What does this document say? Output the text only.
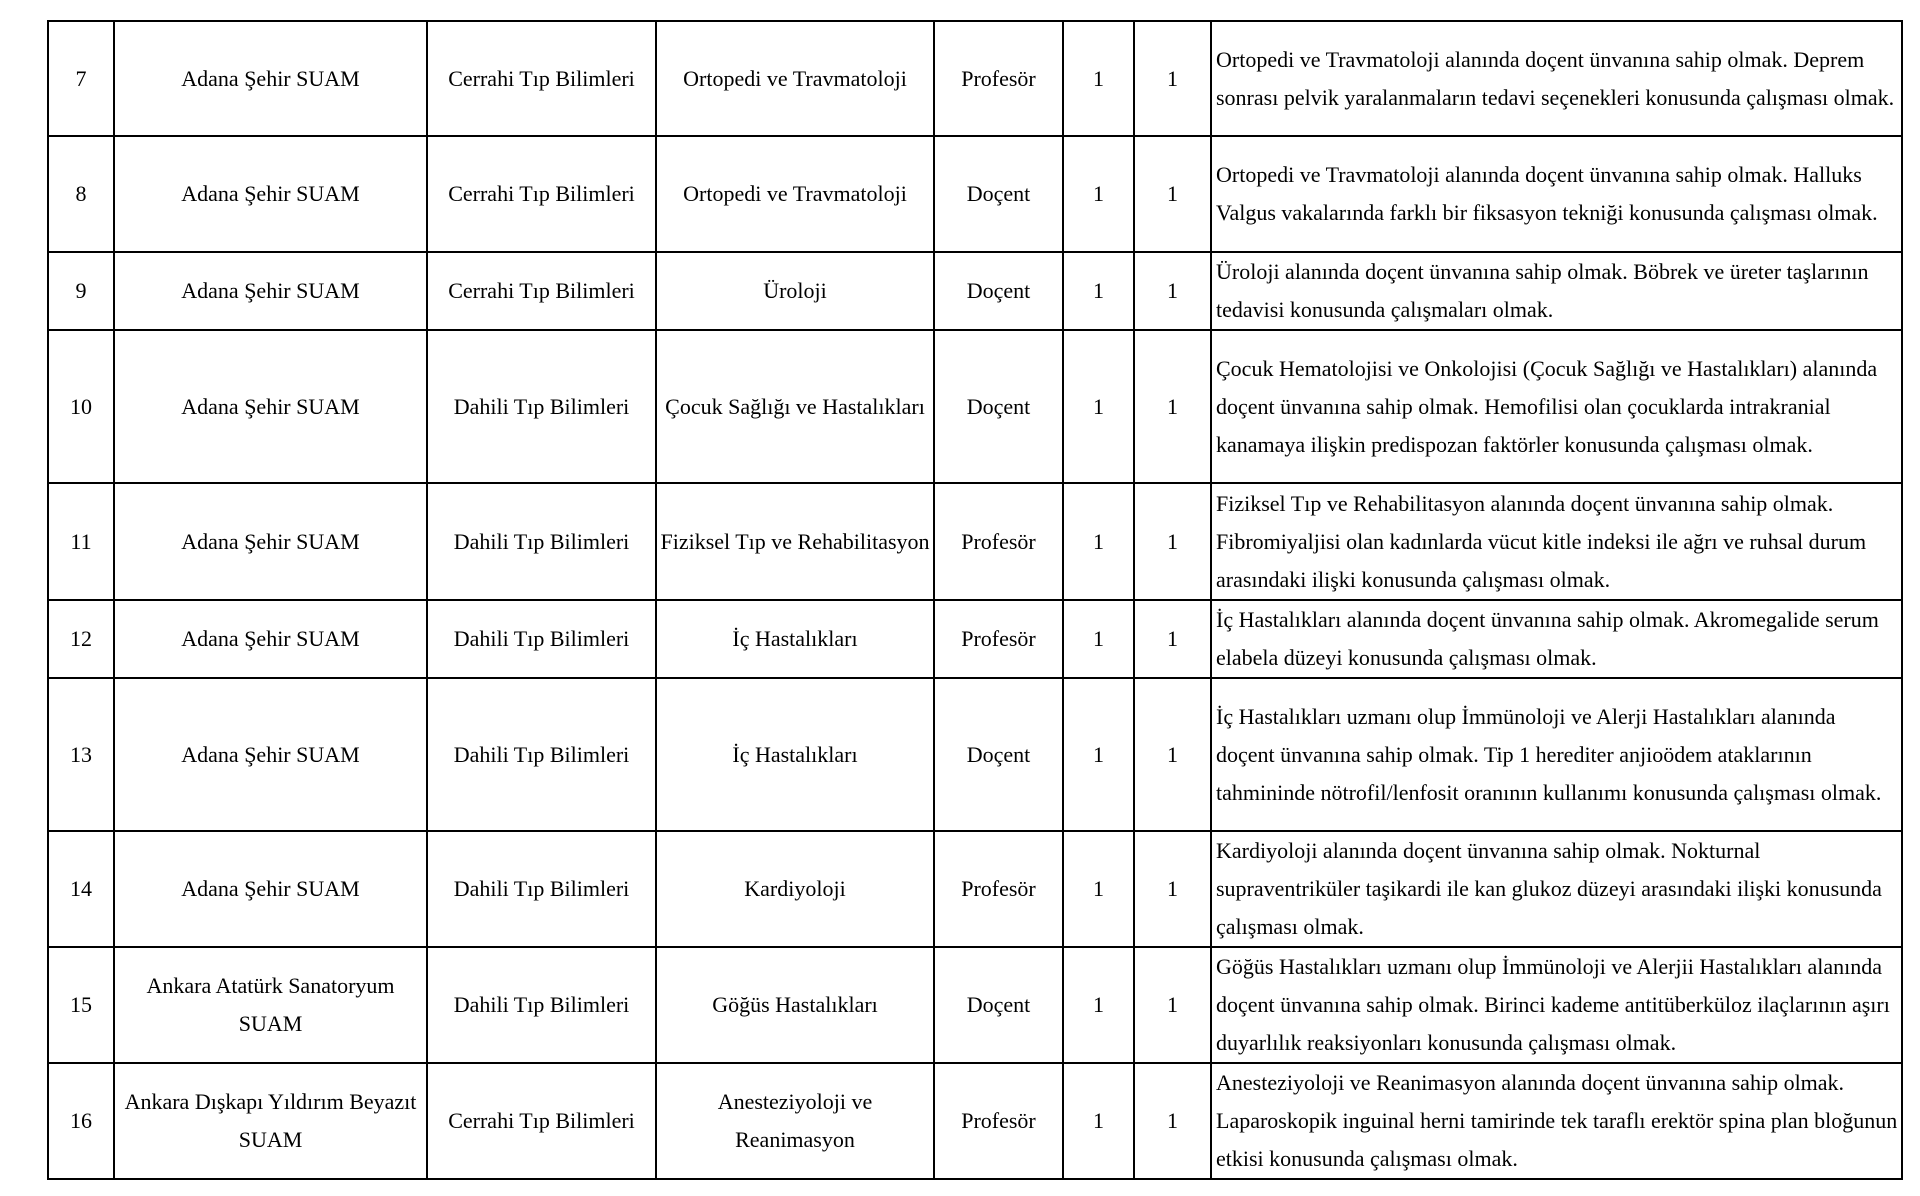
7	Adana Şehir SUAM	Cerrahi Tıp Bilimleri	Ortopedi ve Travmatoloji	Profesör	1	1	Ortopedi ve Travmatoloji alanında doçent ünvanına sahip olmak. Deprem sonrası pelvik yaralanmaların tedavi seçenekleri konusunda çalışması olmak.
8	Adana Şehir SUAM	Cerrahi Tıp Bilimleri	Ortopedi ve Travmatoloji	Doçent	1	1	Ortopedi ve Travmatoloji alanında doçent ünvanına sahip olmak. Halluks Valgus vakalarında farklı bir fiksasyon tekniği konusunda çalışması olmak.
9	Adana Şehir SUAM	Cerrahi Tıp Bilimleri	Üroloji	Doçent	1	1	Üroloji alanında doçent ünvanına sahip olmak. Böbrek ve üreter taşlarının tedavisi konusunda çalışmaları olmak.
10	Adana Şehir SUAM	Dahili Tıp Bilimleri	Çocuk Sağlığı ve Hastalıkları	Doçent	1	1	Çocuk Hematolojisi ve Onkolojisi (Çocuk Sağlığı ve Hastalıkları) alanında doçent ünvanına sahip olmak. Hemofilisi olan çocuklarda intrakranial kanamaya ilişkin predispozan faktörler konusunda çalışması olmak.
11	Adana Şehir SUAM	Dahili Tıp Bilimleri	Fiziksel Tıp ve Rehabilitasyon	Profesör	1	1	Fiziksel Tıp ve Rehabilitasyon alanında doçent ünvanına sahip olmak. Fibromiyaljisi olan kadınlarda vücut kitle indeksi ile ağrı ve ruhsal durum arasındaki ilişki konusunda çalışması olmak.
12	Adana Şehir SUAM	Dahili Tıp Bilimleri	İç Hastalıkları	Profesör	1	1	İç Hastalıkları alanında doçent ünvanına sahip olmak. Akromegalide serum elabela düzeyi konusunda çalışması olmak.
13	Adana Şehir SUAM	Dahili Tıp Bilimleri	İç Hastalıkları	Doçent	1	1	İç Hastalıkları uzmanı olup İmmünoloji ve Alerji Hastalıkları alanında doçent ünvanına sahip olmak. Tip 1 herediter anjioödem ataklarının tahmininde nötrofil/lenfosit oranının kullanımı konusunda çalışması olmak.
14	Adana Şehir SUAM	Dahili Tıp Bilimleri	Kardiyoloji	Profesör	1	1	Kardiyoloji alanında doçent ünvanına sahip olmak. Nokturnal supraventriküler taşikardi ile kan glukoz düzeyi arasındaki ilişki konusunda çalışması olmak.
15	Ankara Atatürk Sanatoryum SUAM	Dahili Tıp Bilimleri	Göğüs Hastalıkları	Doçent	1	1	Göğüs Hastalıkları uzmanı olup İmmünoloji ve Alerjii Hastalıkları alanında doçent ünvanına sahip olmak. Birinci kademe antitüberküloz ilaçlarının aşırı duyarlılık reaksiyonları konusunda çalışması olmak.
16	Ankara Dışkapı Yıldırım Beyazıt SUAM	Cerrahi Tıp Bilimleri	Anesteziyoloji ve Reanimasyon	Profesör	1	1	Anesteziyoloji ve Reanimasyon alanında doçent ünvanına sahip olmak. Laparoskopik inguinal herni tamirinde tek taraflı erektör spina plan bloğunun etkisi konusunda çalışması olmak.
